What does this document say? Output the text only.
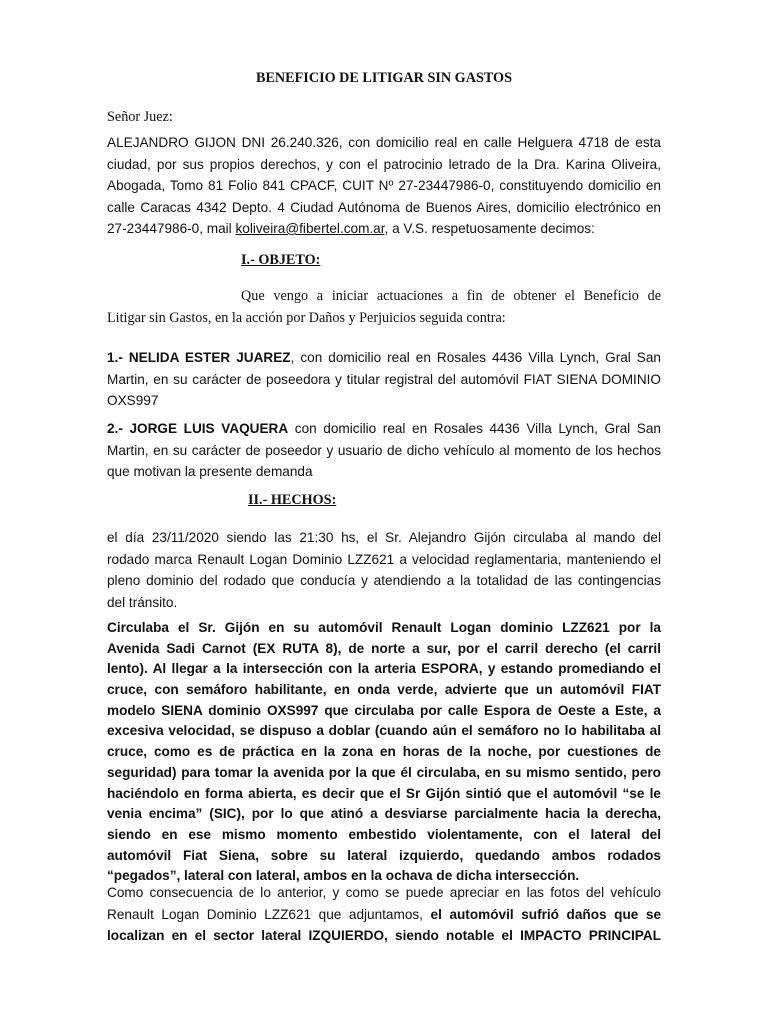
BENEFICIO DE LITIGAR SIN GASTOS
Señor Juez:
ALEJANDRO GIJON DNI 26.240.326, con domicilio real en calle Helguera 4718 de esta
ciudad, por sus propios derechos, y con el patrocinio letrado de la Dra. Karina Oliveira,
Abogada, Tomo 81 Folio 841 CPACF, CUIT Nº 27-23447986-0, constituyendo domicilio en
calle Caracas 4342 Depto. 4 Ciudad Autónoma de Buenos Aires, domicilio electrónico en
27-23447986-0, mail koliveira@fibertel.com.ar, a V.S. respetuosamente decimos:
I.- OBJETO:
Que vengo a iniciar actuaciones a fin de obtener el Beneficio de
Litigar sin Gastos, en la acción por Daños y Perjuicios seguida contra:
1.- NELIDA ESTER JUAREZ, con domicilio real en Rosales 4436 Villa Lynch, Gral San
Martin, en su carácter de poseedora y titular registral del automóvil FIAT SIENA DOMINIO
OXS997
2.- JORGE LUIS VAQUERA con domicilio real en Rosales 4436 Villa Lynch, Gral San
Martin, en su carácter de poseedor y usuario de dicho vehículo al momento de los hechos
que motivan la presente demanda
II.- HECHOS:
el día 23/11/2020 siendo las 21:30 hs, el Sr. Alejandro Gijón circulaba al mando del
rodado marca Renault Logan Dominio LZZ621 a velocidad reglamentaria, manteniendo el
pleno dominio del rodado que conducía y atendiendo a la totalidad de las contingencias
del tránsito.
Circulaba el Sr. Gijón en su automóvil Renault Logan dominio LZZ621 por la
Avenida Sadi Carnot (EX RUTA 8), de norte a sur, por el carril derecho (el carril
lento). Al llegar a la intersección con la arteria ESPORA, y estando promediando el
cruce, con semáforo habilitante, en onda verde, advierte que un automóvil FIAT
modelo SIENA dominio OXS997 que circulaba por calle Espora de Oeste a Este, a
excesiva velocidad, se dispuso a doblar (cuando aún el semáforo no lo habilitaba al
cruce, como es de práctica en la zona en horas de la noche, por cuestiones de
seguridad) para tomar la avenida por la que él circulaba, en su mismo sentido, pero
haciéndolo en forma abierta, es decir que el Sr Gijón sintió que el automóvil “se le
venia encima” (SIC), por lo que atinó a desviarse parcialmente hacia la derecha,
siendo en ese mismo momento embestido violentamente, con el lateral del
automóvil Fiat Siena, sobre su lateral izquierdo, quedando ambos rodados
“pegados”, lateral con lateral, ambos en la ochava de dicha intersección.
Como consecuencia de lo anterior, y como se puede apreciar en las fotos del vehículo
Renault Logan Dominio LZZ621 que adjuntamos, el automóvil sufrió daños que se
localizan en el sector lateral IZQUIERDO, siendo notable el IMPACTO PRINCIPAL
